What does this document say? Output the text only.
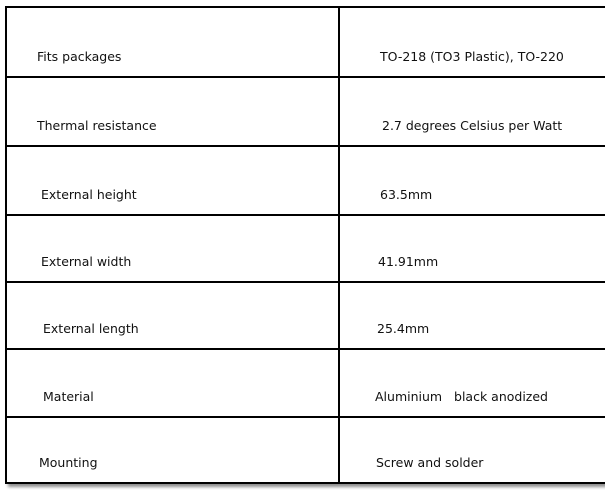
Fits packages	TO-218 (TO3 Plastic), TO-220
Thermal resistance	2.7 degrees Celsius per Watt
External height	63.5mm
External width	41.91mm
External length	25.4mm
Material	Aluminium   black anodized
Mounting	Screw and solder
